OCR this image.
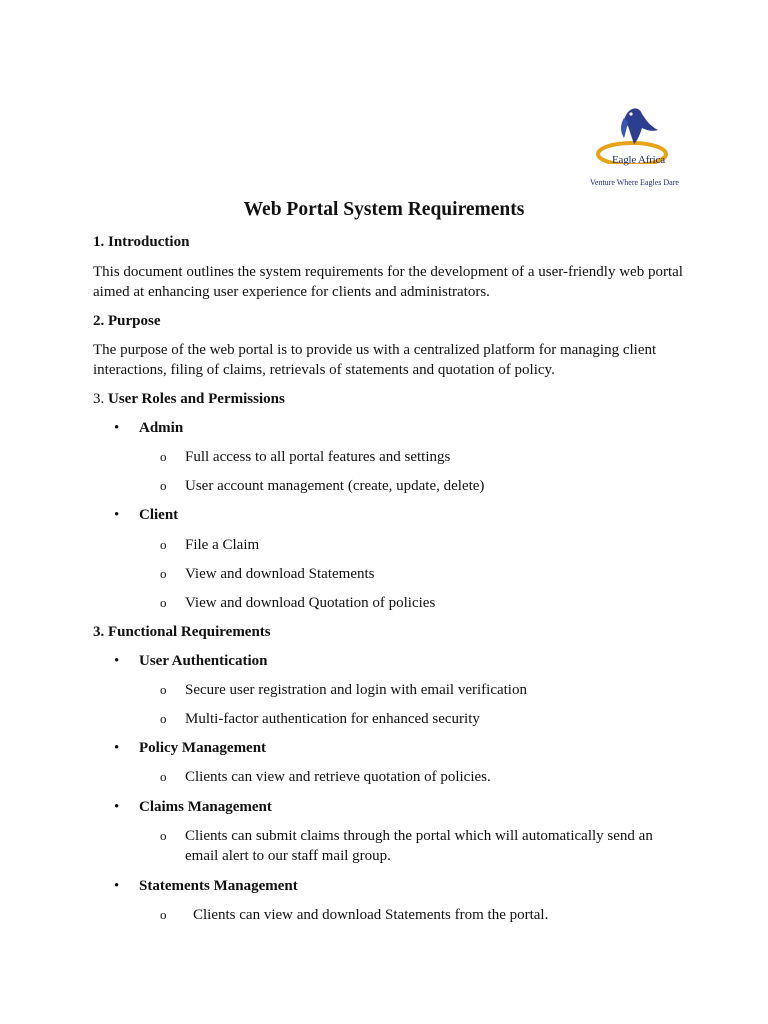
Eagle Africa
Venture Where Eagles Dare
Web Portal System Requirements
1. Introduction
This document outlines the system requirements for the development of a user-friendly web portal aimed at enhancing user experience for clients and administrators.
2. Purpose
The purpose of the web portal is to provide us with a centralized platform for managing client interactions, filing of claims, retrievals of statements and quotation of policy.
3. User Roles and Permissions
• Admin
o Full access to all portal features and settings
o User account management (create, update, delete)
• Client
o File a Claim
o View and download Statements
o View and download Quotation of policies
3. Functional Requirements
• User Authentication
o Secure user registration and login with email verification
o Multi-factor authentication for enhanced security
• Policy Management
o Clients can view and retrieve quotation of policies.
• Claims Management
o Clients can submit claims through the portal which will automatically send an email alert to our staff mail group.
• Statements Management
o Clients can view and download Statements from the portal.
